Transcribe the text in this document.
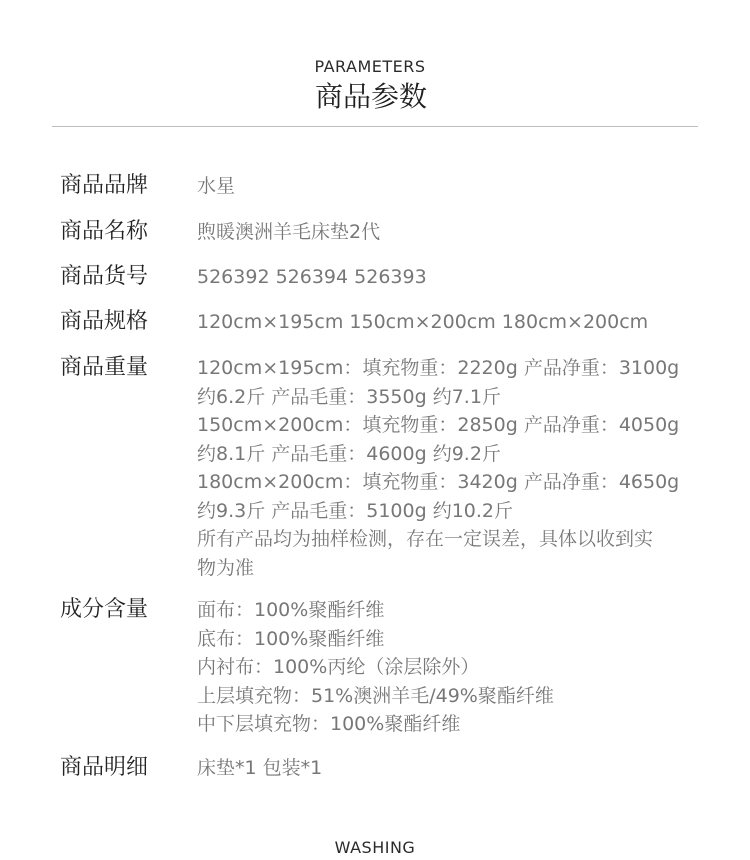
PARAMETERS
商品参数
商品品牌	水星
商品名称	煦暖澳洲羊毛床垫2代
商品货号	526392 526394 526393
商品规格	120cm×195cm 150cm×200cm 180cm×200cm
商品重量	120cm×195cm：填充物重：2220g 产品净重：3100g
约6.2斤 产品毛重：3550g 约7.1斤
150cm×200cm：填充物重：2850g 产品净重：4050g
约8.1斤 产品毛重：4600g 约9.2斤
180cm×200cm：填充物重：3420g 产品净重：4650g
约9.3斤 产品毛重：5100g 约10.2斤
所有产品均为抽样检测，存在一定误差，具体以收到实
物为准
成分含量	面布：100%聚酯纤维
底布：100%聚酯纤维
内衬布：100%丙纶（涂层除外）
上层填充物：51%澳洲羊毛/49%聚酯纤维
中下层填充物：100%聚酯纤维
商品明细	床垫*1 包装*1
WASHING
